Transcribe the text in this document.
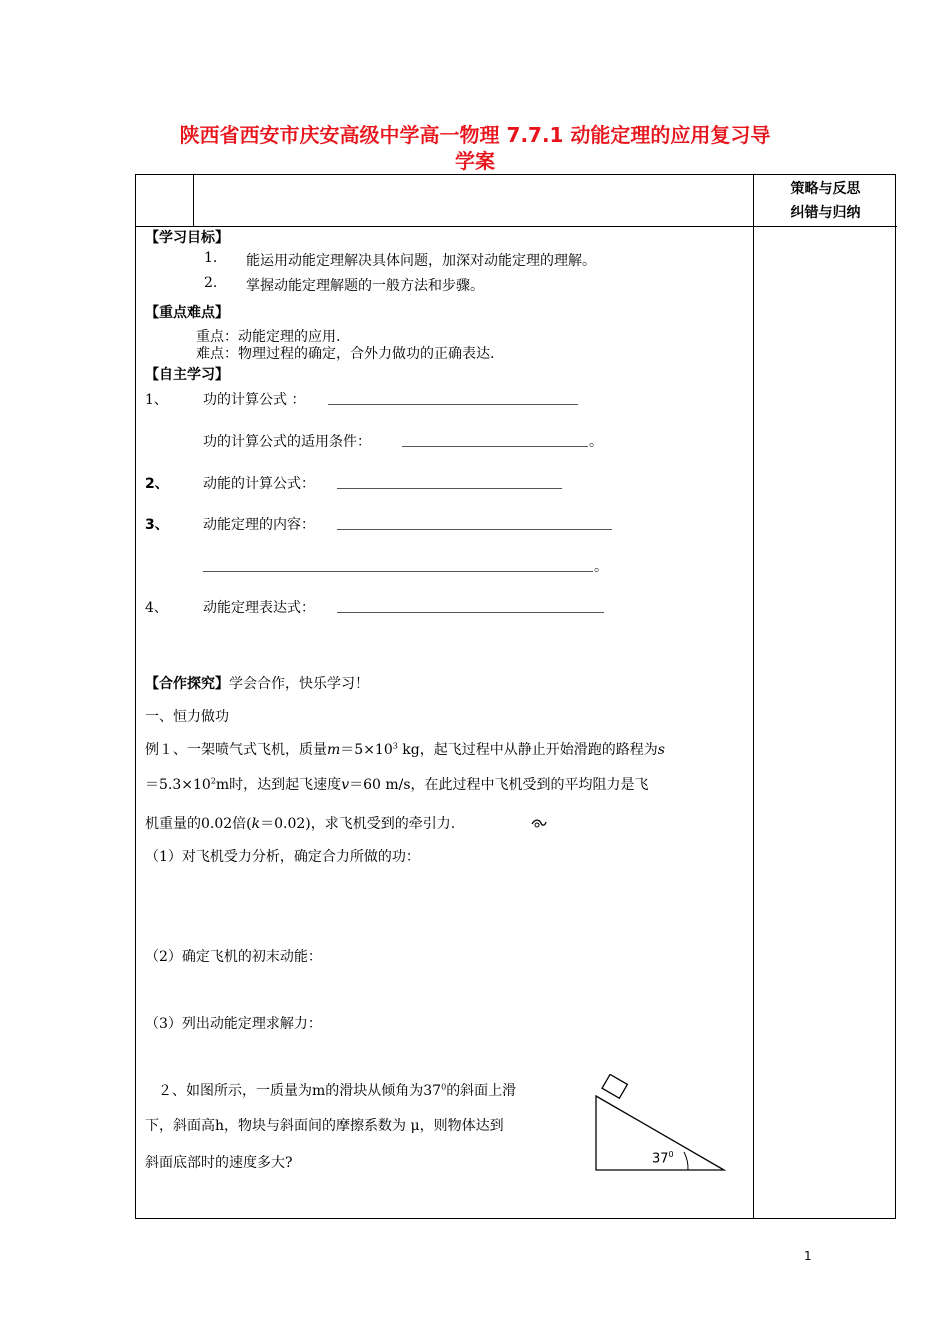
陕西省西安市庆安高级中学高一物理 7.7.1 动能定理的应用复习导
学案
策略与反思
纠错与归纳
【学习目标】
1. 能运用动能定理解决具体问题，加深对动能定理的理解。
2. 掌握动能定理解题的一般方法和步骤。
【重点难点】
重点：动能定理的应用.
难点：物理过程的确定，合外力做功的正确表达.
【自主学习】
1、	功的计算公式 ：
功的计算公式的适用条件：	。
2、 动能的计算公式：
3、 动能定理的内容：
。
4、	动能定理表达式：
【合作探究】学会合作，快乐学习！
一、恒力做功
例１、一架喷气式飞机，质量$m=5\times 10^3$ kg，起飞过程中从静止开始滑跑的路程为s
$=5.3\times 10^2m$时，达到起飞速度v＝60 m/s，在此过程中飞机受到的平均阻力是飞
机重量的0.02倍(k＝0.02)，求飞机受到的牵引力.
（1）对飞机受力分析，确定合力所做的功：
（2）确定飞机的初末动能：
（3）列出动能定理求解力：
２、如图所示，一质量为m的滑块从倾角为$37^0$的斜面上滑
下，斜面高h，物块与斜面间的摩擦系数为 μ，则物体达到
斜面底部时的速度多大?	$37^0$
1
